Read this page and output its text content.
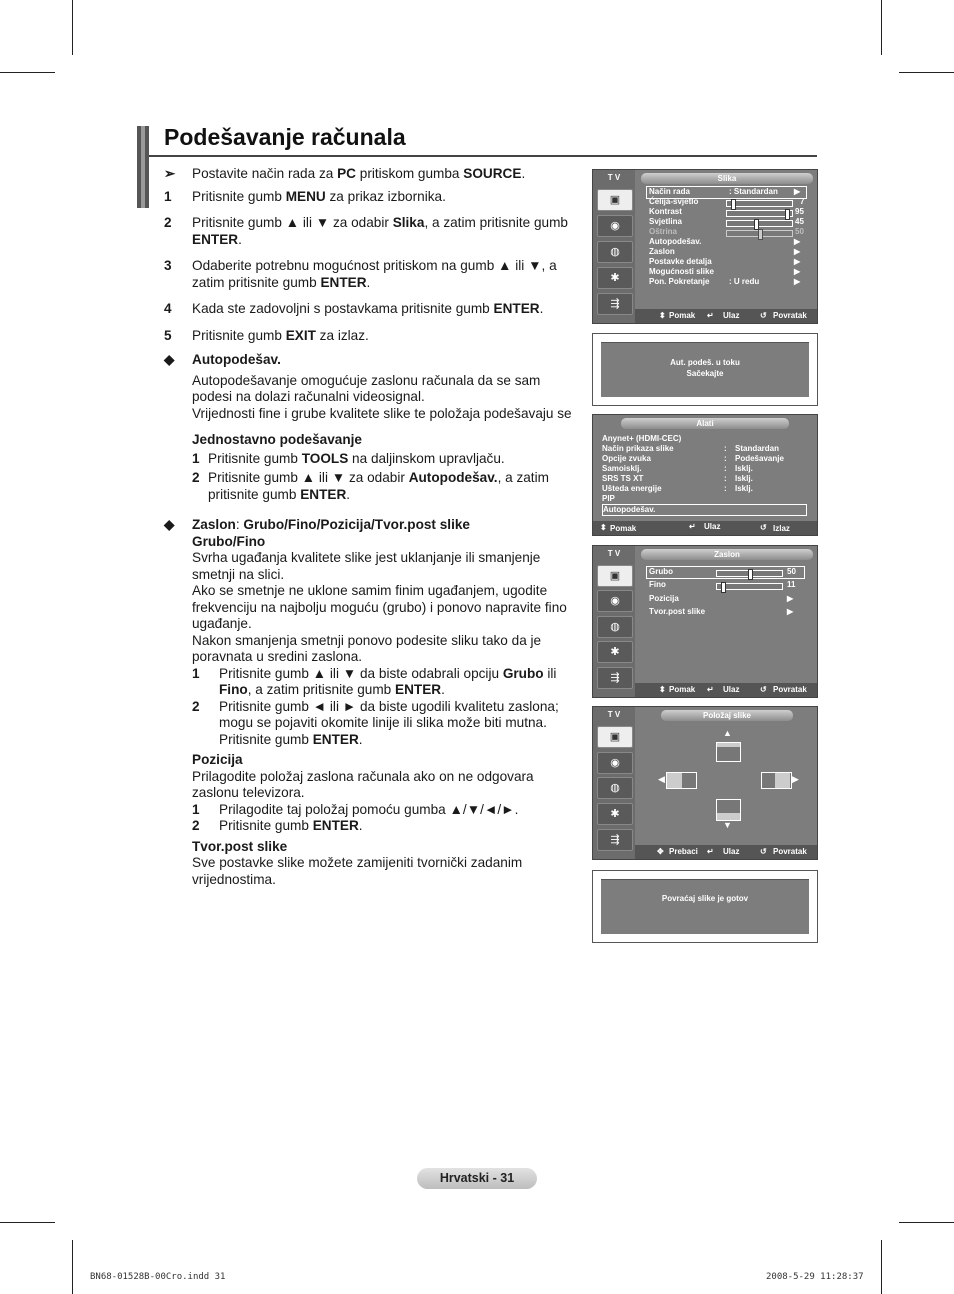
Podešavanje računala
➢	Postavite način rada za PC pritiskom gumba SOURCE.
1	Pritisnite gumb MENU za prikaz izbornika.
2	Pritisnite gumb ▲ ili ▼ za odabir Slika, a zatim pritisnite gumb ENTER.
3	Odaberite potrebnu mogućnost pritiskom na gumb ▲ ili ▼, a zatim pritisnite gumb ENTER.
4	Kada ste zadovoljni s postavkama pritisnite gumb ENTER.
5	Pritisnite gumb EXIT za izlaz.
◆	Autopodešav.
Autopodešavanje omogućuje zaslonu računala da se sam podesi na dolazi računalni videosignal.
Vrijednosti fine i grube kvalitete slike te položaja podešavaju se
Jednostavno podešavanje
1 Pritisnite gumb TOOLS na daljinskom upravljaču.
2 Pritisnite gumb ▲ ili ▼ za odabir Autopodešav., a zatim pritisnite gumb ENTER.
◆	Zaslon: Grubo/Fino/Pozicija/Tvor.post slike
Grubo/Fino
Svrha ugađanja kvalitete slike jest uklanjanje ili smanjenje smetnji na slici.
Ako se smetnje ne uklone samim finim ugađanjem, ugodite frekvenciju na najbolju moguću (grubo) i ponovo napravite fino ugađanje.
Nakon smanjenja smetnji ponovo podesite sliku tako da je poravnata u sredini zaslona.
1	Pritisnite gumb ▲ ili ▼ da biste odabrali opciju Grubo ili Fino, a zatim pritisnite gumb ENTER.
2	Pritisnite gumb ◄ ili ► da biste ugodili kvalitetu zaslona; mogu se pojaviti okomite linije ili slika može biti mutna. Pritisnite gumb ENTER.
Pozicija
Prilagodite položaj zaslona računala ako on ne odgovara zaslonu televizora.
1	Prilagodite taj položaj pomoću gumba ▲/▼/◄/►.
2	Pritisnite gumb ENTER.
Tvor.post slike
Sve postavke slike možete zamijeniti tvornički zadanim vrijednostima.
T V	Slika
▣
◉
◍
✱
⇶
Način rada	: Standardan ▶
Ćelija-svjetlo	7
Kontrast	95
Svjetlina	45
Oštrina	50
Autopodešav.	▶
Zaslon	▶
Postavke detalja	▶
Mogućnosti slike	▶
Pon. Pokretanje : U redu	▶
⬍ Pomak ↵ Ulaz	↺ Povratak
Aut. podeš. u toku
Sačekajte
Alati
Anynet+ (HDMI-CEC)
Način prikaza slike	:	Standardan
Opcije zvuka	:	Podešavanje
Samoisklj.	:	Isklj.
SRS TS XT	:	Isklj.
Ušteda energije	:	Isklj.
PIP
Autopodešav.
⬍ Pomak	↵ Ulaz	↺ Izlaz
T V	Zaslon
▣
◉
◍
✱
⇶
Grubo	50
Fino	11
Pozicija	▶
Tvor.post slike	▶
⬍ Pomak ↵ Ulaz	↺ Povratak
T V	Položaj slike
▣
◉
◍
✱
⇶
▲
◀	▶
▼
✥ Prebaci ↵ Ulaz	↺ Povratak
Povraćaj slike je gotov
Hrvatski - 31
BN68-01528B-00Cro.indd 31	2008-5-29 11:28:37
